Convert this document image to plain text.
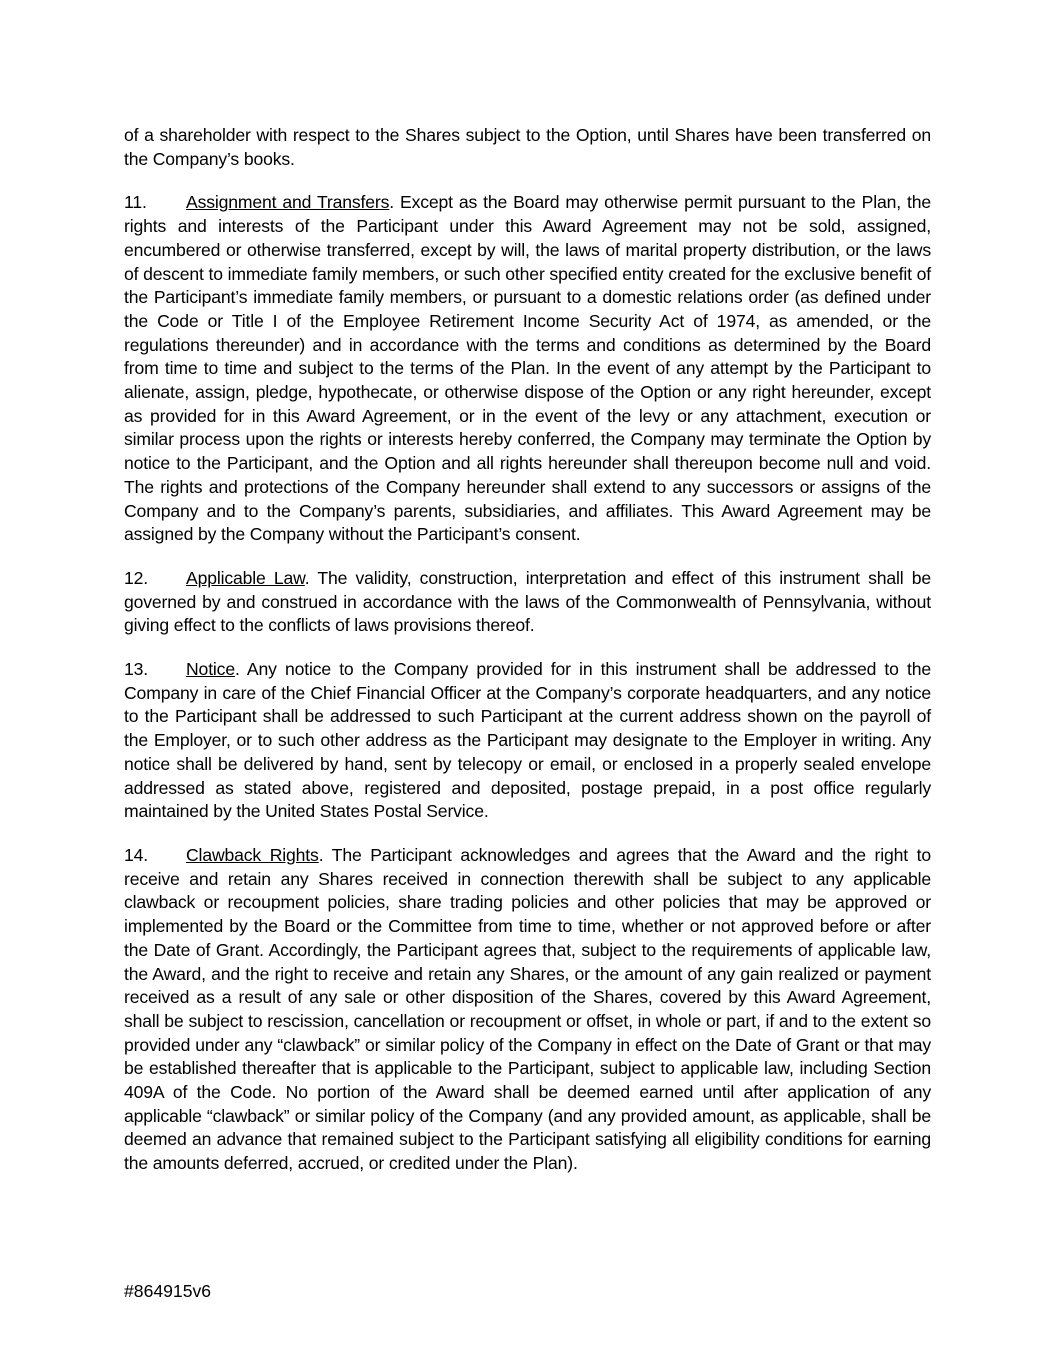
of a shareholder with respect to the Shares subject to the Option, until Shares have been transferred on the Company’s books.

11. Assignment and Transfers. Except as the Board may otherwise permit pursuant to the Plan, the rights and interests of the Participant under this Award Agreement may not be sold, assigned, encumbered or otherwise transferred, except by will, the laws of marital property distribution, or the laws of descent to immediate family members, or such other specified entity created for the exclusive benefit of the Participant’s immediate family members, or pursuant to a domestic relations order (as defined under the Code or Title I of the Employee Retirement Income Security Act of 1974, as amended, or the regulations thereunder) and in accordance with the terms and conditions as determined by the Board from time to time and subject to the terms of the Plan. In the event of any attempt by the Participant to alienate, assign, pledge, hypothecate, or otherwise dispose of the Option or any right hereunder, except as provided for in this Award Agreement, or in the event of the levy or any attachment, execution or similar process upon the rights or interests hereby conferred, the Company may terminate the Option by notice to the Participant, and the Option and all rights hereunder shall thereupon become null and void. The rights and protections of the Company hereunder shall extend to any successors or assigns of the Company and to the Company’s parents, subsidiaries, and affiliates. This Award Agreement may be assigned by the Company without the Participant’s consent.

12. Applicable Law. The validity, construction, interpretation and effect of this instrument shall be governed by and construed in accordance with the laws of the Commonwealth of Pennsylvania, without giving effect to the conflicts of laws provisions thereof.

13. Notice. Any notice to the Company provided for in this instrument shall be addressed to the Company in care of the Chief Financial Officer at the Company’s corporate headquarters, and any notice to the Participant shall be addressed to such Participant at the current address shown on the payroll of the Employer, or to such other address as the Participant may designate to the Employer in writing. Any notice shall be delivered by hand, sent by telecopy or email, or enclosed in a properly sealed envelope addressed as stated above, registered and deposited, postage prepaid, in a post office regularly maintained by the United States Postal Service.

14. Clawback Rights. The Participant acknowledges and agrees that the Award and the right to receive and retain any Shares received in connection therewith shall be subject to any applicable clawback or recoupment policies, share trading policies and other policies that may be approved or implemented by the Board or the Committee from time to time, whether or not approved before or after the Date of Grant. Accordingly, the Participant agrees that, subject to the requirements of applicable law, the Award, and the right to receive and retain any Shares, or the amount of any gain realized or payment received as a result of any sale or other disposition of the Shares, covered by this Award Agreement, shall be subject to rescission, cancellation or recoupment or offset, in whole or part, if and to the extent so provided under any “clawback” or similar policy of the Company in effect on the Date of Grant or that may be established thereafter that is applicable to the Participant, subject to applicable law, including Section 409A of the Code. No portion of the Award shall be deemed earned until after application of any applicable “clawback” or similar policy of the Company (and any provided amount, as applicable, shall be deemed an advance that remained subject to the Participant satisfying all eligibility conditions for earning the amounts deferred, accrued, or credited under the Plan).

#864915v6
